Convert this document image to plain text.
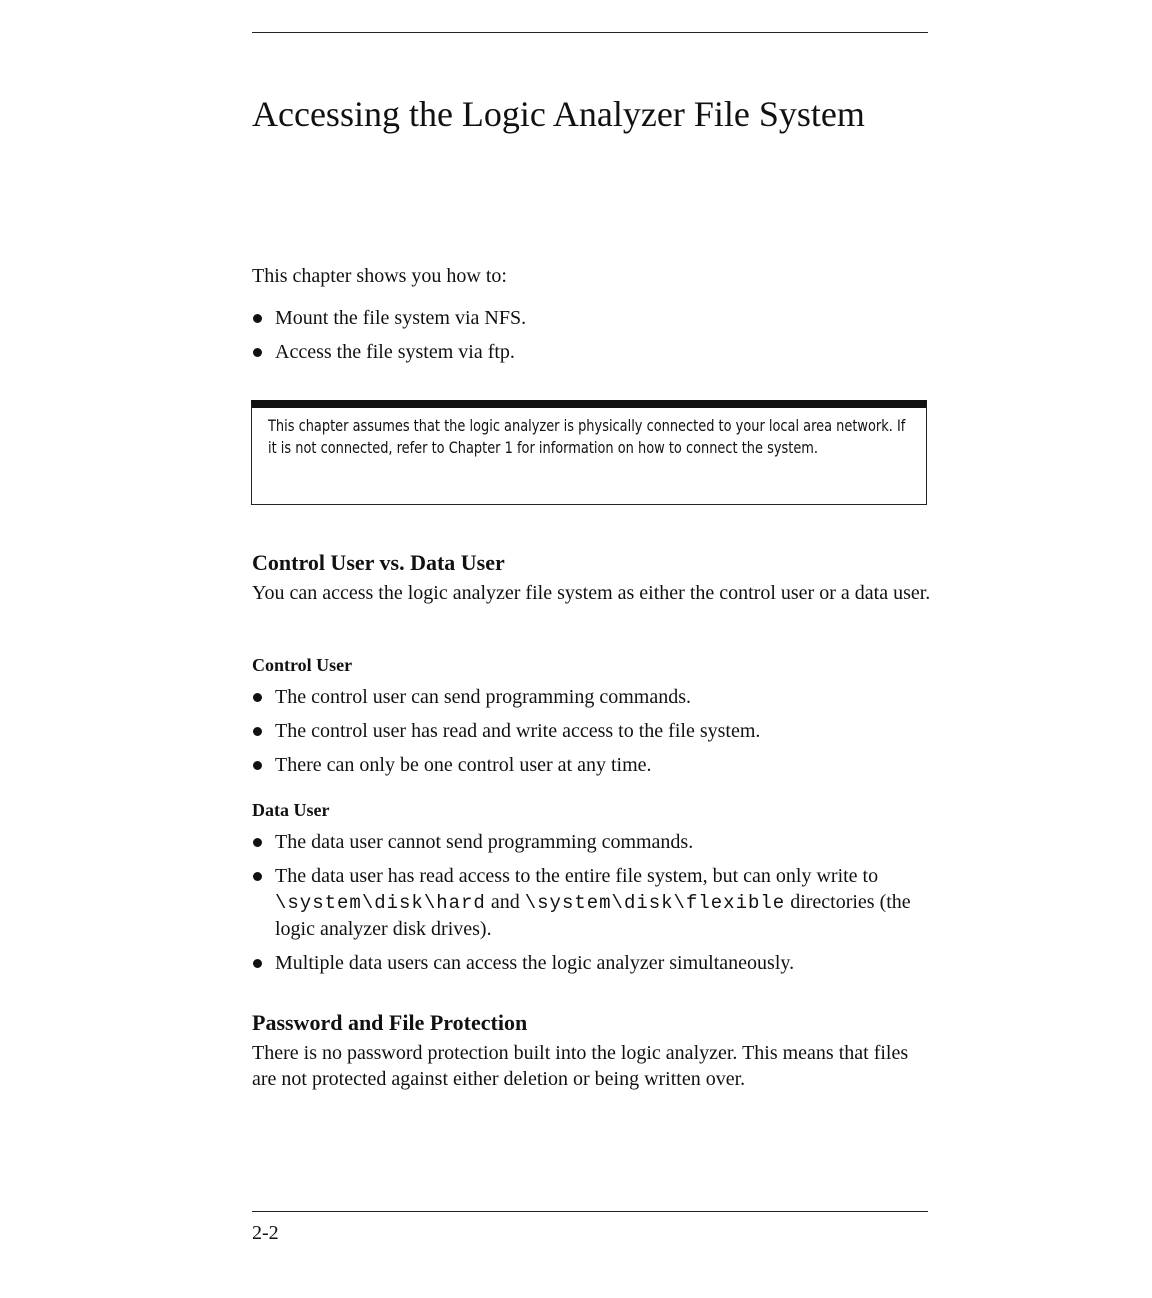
Accessing the Logic Analyzer File System

This chapter shows you how to:

Mount the file system via NFS.
Access the file system via ftp.
This chapter assumes that the logic analyzer is physically connected to your local area network. If it is not connected, refer to Chapter 1 for information on how to connect the system.
Control User vs. Data User

You can access the logic analyzer file system as either the control user or a data user.

Control User
The control user can send programming commands.
The control user has read and write access to the file system.
There can only be one control user at any time.
Data User
The data user cannot send programming commands.
The data user has read access to the entire file system, but can only write to \system\disk\hard and \system\disk\flexible directories (the logic analyzer disk drives).
Multiple data users can access the logic analyzer simultaneously.
Password and File Protection

There is no password protection built into the logic analyzer. This means that files are not protected against either deletion or being written over.

2-2
